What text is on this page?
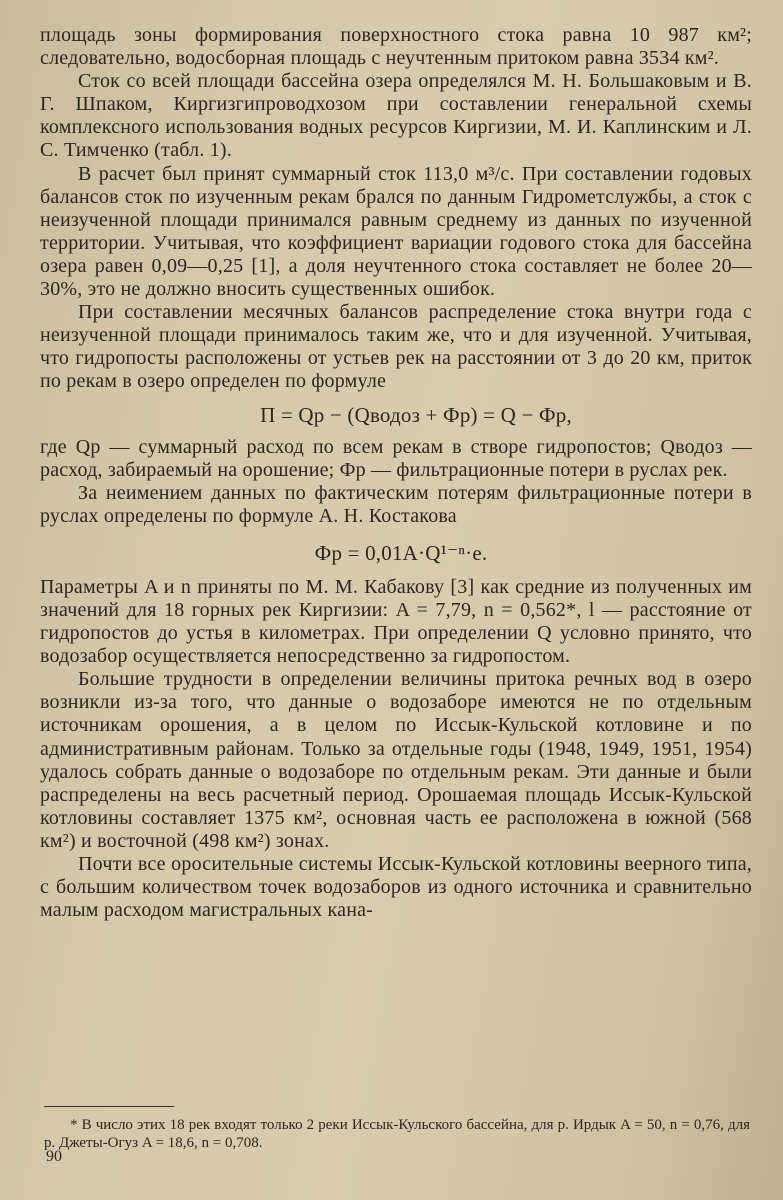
площадь зоны формирования поверхностного стока равна 10 987 км²; следовательно, водосборная площадь с неучтенным притоком равна 3534 км².

Сток со всей площади бассейна озера определялся М. Н. Большаковым и В. Г. Шпаком, Киргизгипроводхозом при составлении генеральной схемы комплексного использования водных ресурсов Киргизии, М. И. Каплинским и Л. С. Тимченко (табл. 1).

В расчет был принят суммарный сток 113,0 м³/с. При составлении годовых балансов сток по изученным рекам брался по данным Гидрометслужбы, а сток с неизученной площади принимался равным среднему из данных по изученной территории. Учитывая, что коэффициент вариации годового стока для бассейна озера равен 0,09—0,25 [1], а доля неучтенного стока составляет не более 20—30%, это не должно вносить существенных ошибок.

При составлении месячных балансов распределение стока внутри года с неизученной площади принималось таким же, что и для изученной. Учитывая, что гидропосты расположены от устьев рек на расстоянии от 3 до 20 км, приток по рекам в озеро определен по формуле

П = Qр − (Qводоз + Фр) = Q − Фр,

где Qр — суммарный расход по всем рекам в створе гидропостов; Qводоз — расход, забираемый на орошение; Фр — фильтрационные потери в руслах рек.

За неимением данных по фактическим потерям фильтрационные потери в руслах определены по формуле А. Н. Костакова

Фр = 0,01A·Q¹⁻ⁿ·e.

Параметры A и n приняты по М. М. Кабакову [3] как средние из полученных им значений для 18 горных рек Киргизии: A = 7,79, n = 0,562*, l — расстояние от гидропостов до устья в километрах. При определении Q условно принято, что водозабор осуществляется непосредственно за гидропостом.

Большие трудности в определении величины притока речных вод в озеро возникли из-за того, что данные о водозаборе имеются не по отдельным источникам орошения, а в целом по Иссык-Кульской котловине и по административным районам. Только за отдельные годы (1948, 1949, 1951, 1954) удалось собрать данные о водозаборе по отдельным рекам. Эти данные и были распределены на весь расчетный период. Орошаемая площадь Иссык-Кульской котловины составляет 1375 км², основная часть ее расположена в южной (568 км²) и восточной (498 км²) зонах.

Почти все оросительные системы Иссык-Кульской котловины веерного типа, с большим количеством точек водозаборов из одного источника и сравнительно малым расходом магистральных кана-

* В число этих 18 рек входят только 2 реки Иссык-Кульского бассейна, для р. Ирдык A = 50, n = 0,76, для р. Джеты-Огуз A = 18,6, n = 0,708.
90
